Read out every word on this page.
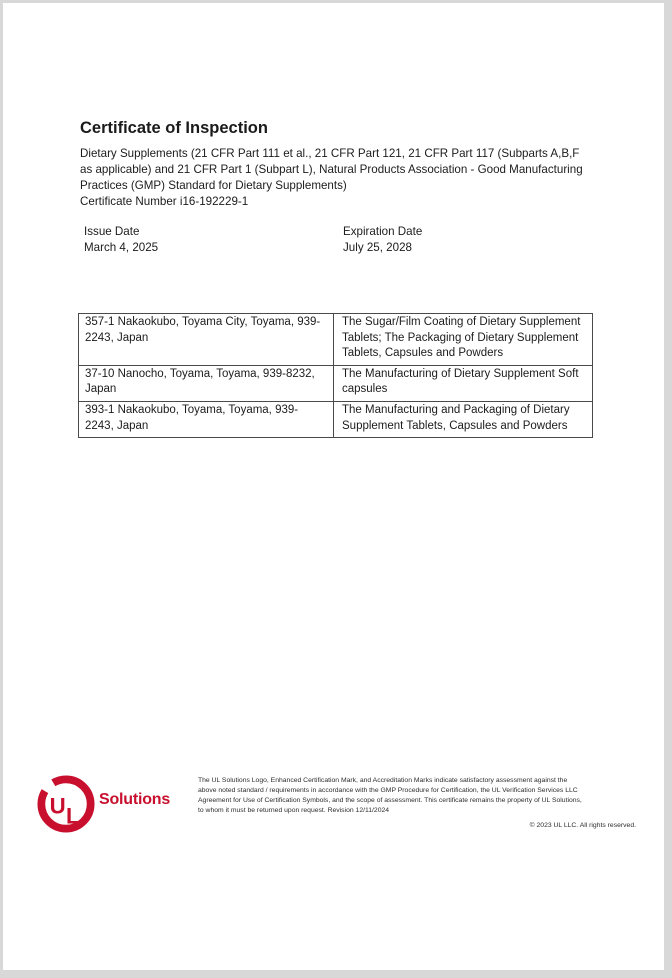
Certificate of Inspection
Dietary Supplements (21 CFR Part 111 et al., 21 CFR Part 121, 21 CFR Part 117 (Subparts A,B,F as applicable) and 21 CFR Part 1 (Subpart L), Natural Products Association - Good Manufacturing Practices (GMP) Standard for Dietary Supplements)
Certificate Number i16-192229-1
Issue Date
March 4, 2025
Expiration Date
July 25, 2028
357-1 Nakaokubo, Toyama City, Toyama, 939-2243, Japan	The Sugar/Film Coating of Dietary Supplement Tablets; The Packaging of Dietary Supplement Tablets, Capsules and Powders
37-10 Nanocho, Toyama, Toyama, 939-8232, Japan	The Manufacturing of Dietary Supplement Soft capsules
393-1 Nakaokubo, Toyama, Toyama, 939-2243, Japan	The Manufacturing and Packaging of Dietary Supplement Tablets, Capsules and Powders
U L
Solutions
The UL Solutions Logo, Enhanced Certification Mark, and Accreditation Marks indicate satisfactory assessment against the
above noted standard / requirements in accordance with the GMP Procedure for Certification, the UL Verification Services LLC
Agreement for Use of Certification Symbols, and the scope of assessment. This certificate remains the property of UL Solutions,
to whom it must be returned upon request. Revision 12/11/2024
© 2023 UL LLC. All rights reserved.
